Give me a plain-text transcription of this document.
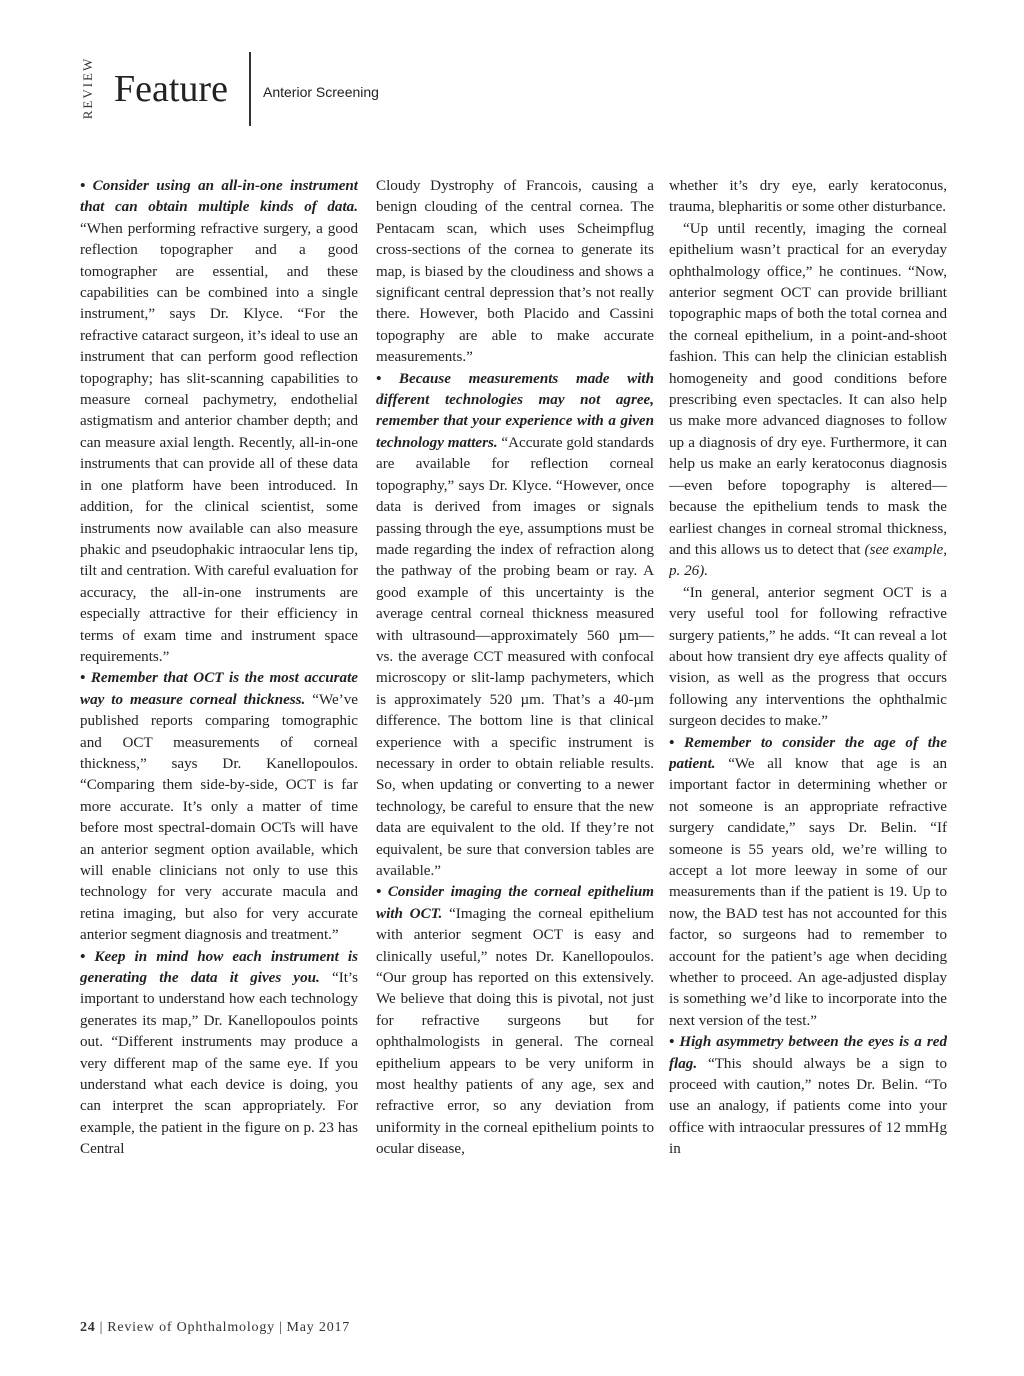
REVIEW Feature	Anterior Screening

• Consider using an all-in-one instrument that can obtain multiple kinds of data. “When performing refractive surgery, a good reflection topographer and a good tomographer are essential, and these capabilities can be combined into a single instrument,” says Dr. Klyce. “For the refractive cataract surgeon, it’s ideal to use an instrument that can perform good reflection topography; has slit-scanning capabilities to measure corneal pachymetry, endothelial astigmatism and anterior chamber depth; and can measure axial length. Recently, all-in-one instruments that can provide all of these data in one platform have been introduced. In addition, for the clinical scientist, some instruments now available can also measure phakic and pseudophakic intraocular lens tip, tilt and centration. With careful evaluation for accuracy, the all-in-one instruments are especially attractive for their efficiency in terms of exam time and instrument space requirements.”

• Remember that OCT is the most accurate way to measure corneal thickness. “We’ve published reports comparing tomographic and OCT measurements of corneal thickness,” says Dr. Kanellopoulos. “Comparing them side-by-side, OCT is far more accurate. It’s only a matter of time before most spectral-domain OCTs will have an anterior segment option available, which will enable clinicians not only to use this technology for very accurate macula and retina imaging, but also for very accurate anterior segment diagnosis and treatment.”

• Keep in mind how each instrument is generating the data it gives you. “It’s important to understand how each technology generates its map,” Dr. Kanellopoulos points out. “Different instruments may produce a very different map of the same eye. If you understand what each device is doing, you can interpret the scan appropriately. For example, the patient in the figure on p. 23 has Central

Cloudy Dystrophy of Francois, causing a benign clouding of the central cornea. The Pentacam scan, which uses Scheimpflug cross-sections of the cornea to generate its map, is biased by the cloudiness and shows a significant central depression that’s not really there. However, both Placido and Cassini topography are able to make accurate measurements.”

• Because measurements made with different technologies may not agree, remember that your experience with a given technology matters. “Accurate gold standards are available for reflection corneal topography,” says Dr. Klyce. “However, once data is derived from images or signals passing through the eye, assumptions must be made regarding the index of refraction along the pathway of the probing beam or ray. A good example of this uncertainty is the average central corneal thickness measured with ultrasound—approximately 560 µm—vs. the average CCT measured with confocal microscopy or slit-lamp pachymeters, which is approximately 520 µm. That’s a 40-µm difference. The bottom line is that clinical experience with a specific instrument is necessary in order to obtain reliable results. So, when updating or converting to a newer technology, be careful to ensure that the new data are equivalent to the old. If they’re not equivalent, be sure that conversion tables are available.”

• Consider imaging the corneal epithelium with OCT. “Imaging the corneal epithelium with anterior segment OCT is easy and clinically useful,” notes Dr. Kanellopoulos. “Our group has reported on this extensively. We believe that doing this is pivotal, not just for refractive surgeons but for ophthalmologists in general. The corneal epithelium appears to be very uniform in most healthy patients of any age, sex and refractive error, so any deviation from uniformity in the corneal epithelium points to ocular disease,

whether it’s dry eye, early keratoconus, trauma, blepharitis or some other disturbance.

“Up until recently, imaging the corneal epithelium wasn’t practical for an everyday ophthalmology office,” he continues. “Now, anterior segment OCT can provide brilliant topographic maps of both the total cornea and the corneal epithelium, in a point-and-shoot fashion. This can help the clinician establish homogeneity and good conditions before prescribing even spectacles. It can also help us make more advanced diagnoses to follow up a diagnosis of dry eye. Furthermore, it can help us make an early keratoconus diagnosis—even before topography is altered—because the epithelium tends to mask the earliest changes in corneal stromal thickness, and this allows us to detect that (see example, p. 26).

“In general, anterior segment OCT is a very useful tool for following refractive surgery patients,” he adds. “It can reveal a lot about how transient dry eye affects quality of vision, as well as the progress that occurs following any interventions the ophthalmic surgeon decides to make.”

• Remember to consider the age of the patient. “We all know that age is an important factor in determining whether or not someone is an appropriate refractive surgery candidate,” says Dr. Belin. “If someone is 55 years old, we’re willing to accept a lot more leeway in some of our measurements than if the patient is 19. Up to now, the BAD test has not accounted for this factor, so surgeons had to remember to account for the patient’s age when deciding whether to proceed. An age-adjusted display is something we’d like to incorporate into the next version of the test.”

• High asymmetry between the eyes is a red flag. “This should always be a sign to proceed with caution,” notes Dr. Belin. “To use an analogy, if patients come into your office with intraocular pressures of 12 mmHg in

24 | Review of Ophthalmology | May 2017
